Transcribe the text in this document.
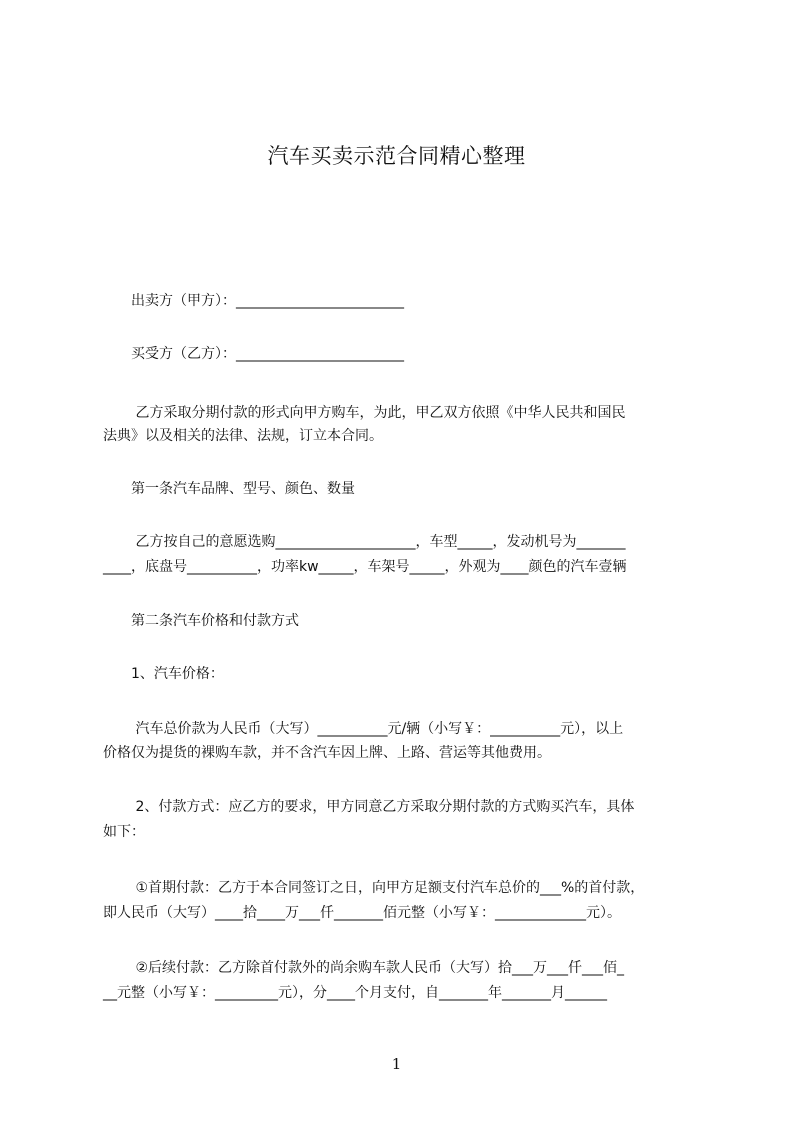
汽车买卖示范合同精心整理
　　出卖方（甲方）：________________________
　　买受方（乙方）：________________________
　　 乙方采取分期付款的形式向甲方购车，为此，甲乙双方依照《中华人民共和国民
法典》以及相关的法律、法规，订立本合同。
　　第一条汽车品牌、型号、颜色、数量
　　 乙方按自己的意愿选购____________________，车型_____，发动机号为_______
____，底盘号__________，功率kw_____，车架号_____，外观为____颜色的汽车壹辆
　　第二条汽车价格和付款方式
　　1、汽车价格：
　　 汽车总价款为人民币（大写）__________元/辆（小写￥：__________元），以上
价格仅为提货的裸购车款，并不含汽车因上牌、上路、营运等其他费用。
　　 2、付款方式：应乙方的要求，甲方同意乙方采取分期付款的方式购买汽车，具体
如下：
　　 ①首期付款：乙方于本合同签订之日，向甲方足额支付汽车总价的___%的首付款，
即人民币（大写）____拾____万___仟_______佰元整（小写￥：_____________元）。
　　 ②后续付款：乙方除首付款外的尚余购车款人民币（大写）拾___万___仟___佰_
__元整（小写￥：_________元），分____个月支付，自_______年_______月______
1
